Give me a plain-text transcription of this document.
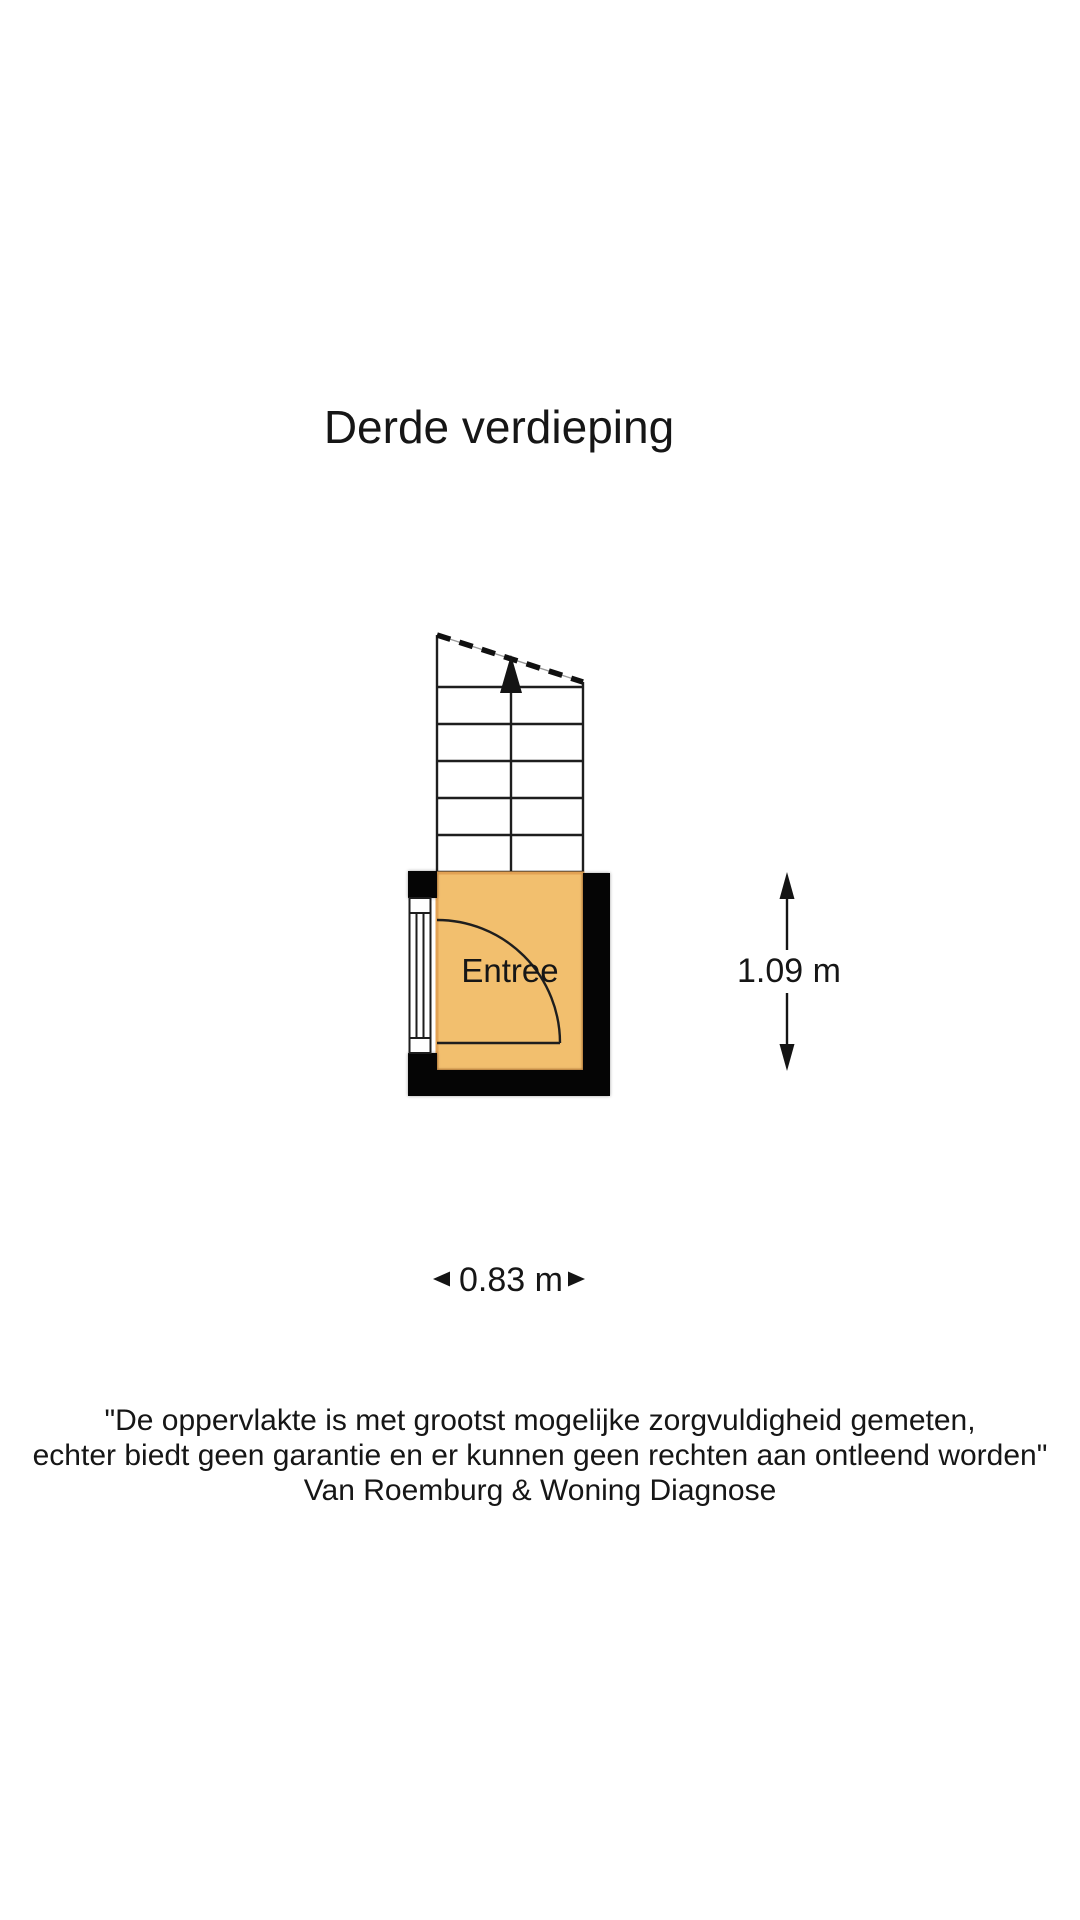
Derde verdieping
Entree	1.09 m
0.83 m
"De oppervlakte is met grootst mogelijke zorgvuldigheid gemeten,
echter biedt geen garantie en er kunnen geen rechten aan ontleend worden"
Van Roemburg & Woning Diagnose
